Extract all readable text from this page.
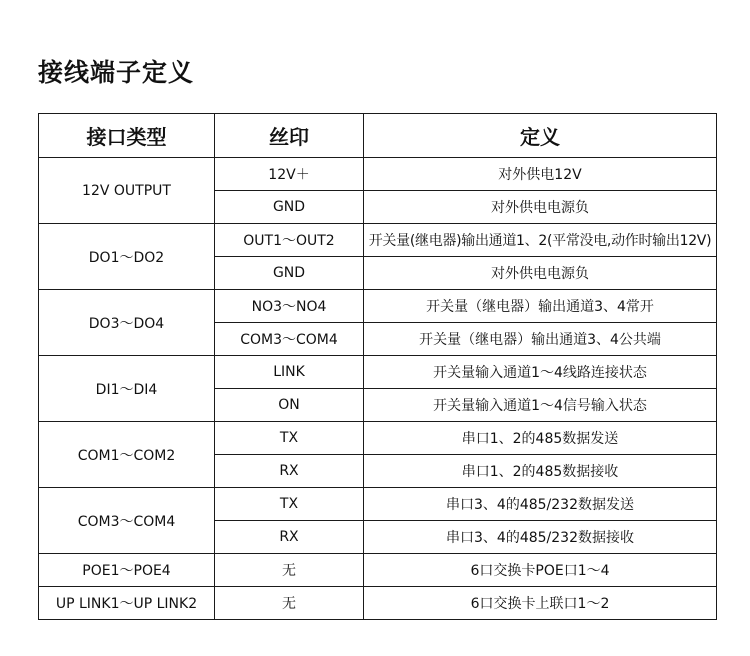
接线端子定义
接口类型	丝印	定义
12V OUTPUT	12V＋	对外供电12V
	GND	对外供电电源负
DO1～DO2	OUT1～OUT2	开关量(继电器)输出通道1、2(平常没电,动作时输出12V)
	GND	对外供电电源负
DO3～DO4	NO3～NO4	开关量（继电器）输出通道3、4常开
	COM3～COM4	开关量（继电器）输出通道3、4公共端
DI1～DI4	LINK	开关量输入通道1～4线路连接状态
	ON	开关量输入通道1～4信号输入状态
COM1～COM2	TX	串口1、2的485数据发送
	RX	串口1、2的485数据接收
COM3～COM4	TX	串口3、4的485/232数据发送
	RX	串口3、4的485/232数据接收
POE1～POE4	无	6口交换卡POE口1～4
UP LINK1～UP LINK2	无	6口交换卡上联口1～2
